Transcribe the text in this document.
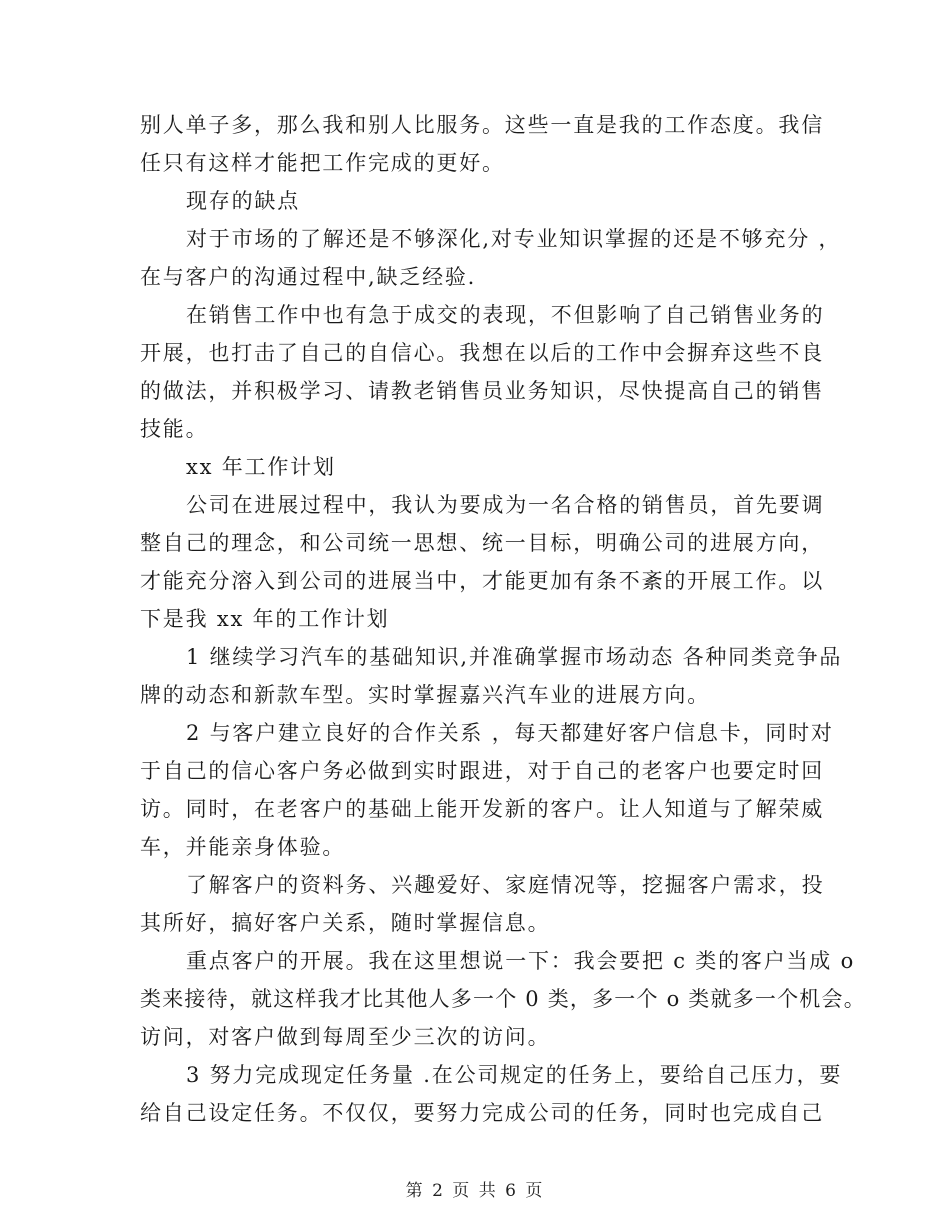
别人单子多，那么我和别人比服务。这些一直是我的工作态度。我信
任只有这样才能把工作完成的更好。
现存的缺点
对于市场的了解还是不够深化,对专业知识掌握的还是不够充分 ，
在与客户的沟通过程中,缺乏经验.
在销售工作中也有急于成交的表现，不但影响了自己销售业务的
开展，也打击了自己的自信心。我想在以后的工作中会摒弃这些不良
的做法，并积极学习、请教老销售员业务知识，尽快提高自己的销售
技能。
xx 年工作计划
公司在进展过程中，我认为要成为一名合格的销售员，首先要调
整自己的理念，和公司统一思想、统一目标，明确公司的进展方向，
才能充分溶入到公司的进展当中，才能更加有条不紊的开展工作。以
下是我 xx 年的工作计划
1 继续学习汽车的基础知识,并准确掌握市场动态 各种同类竞争品
牌的动态和新款车型。实时掌握嘉兴汽车业的进展方向。
2 与客户建立良好的合作关系 ，每天都建好客户信息卡，同时对
于自己的信心客户务必做到实时跟进，对于自己的老客户也要定时回
访。同时，在老客户的基础上能开发新的客户。让人知道与了解荣威
车，并能亲身体验。
了解客户的资料务、兴趣爱好、家庭情况等，挖掘客户需求，投
其所好，搞好客户关系，随时掌握信息。
重点客户的开展。我在这里想说一下：我会要把 c 类的客户当成 o
类来接待，就这样我才比其他人多一个 0 类，多一个 o 类就多一个机会。
访问，对客户做到每周至少三次的访问。
3 努力完成现定任务量 .在公司规定的任务上，要给自己压力，要
给自己设定任务。不仅仅，要努力完成公司的任务，同时也完成自己
第 2 页 共 6 页
